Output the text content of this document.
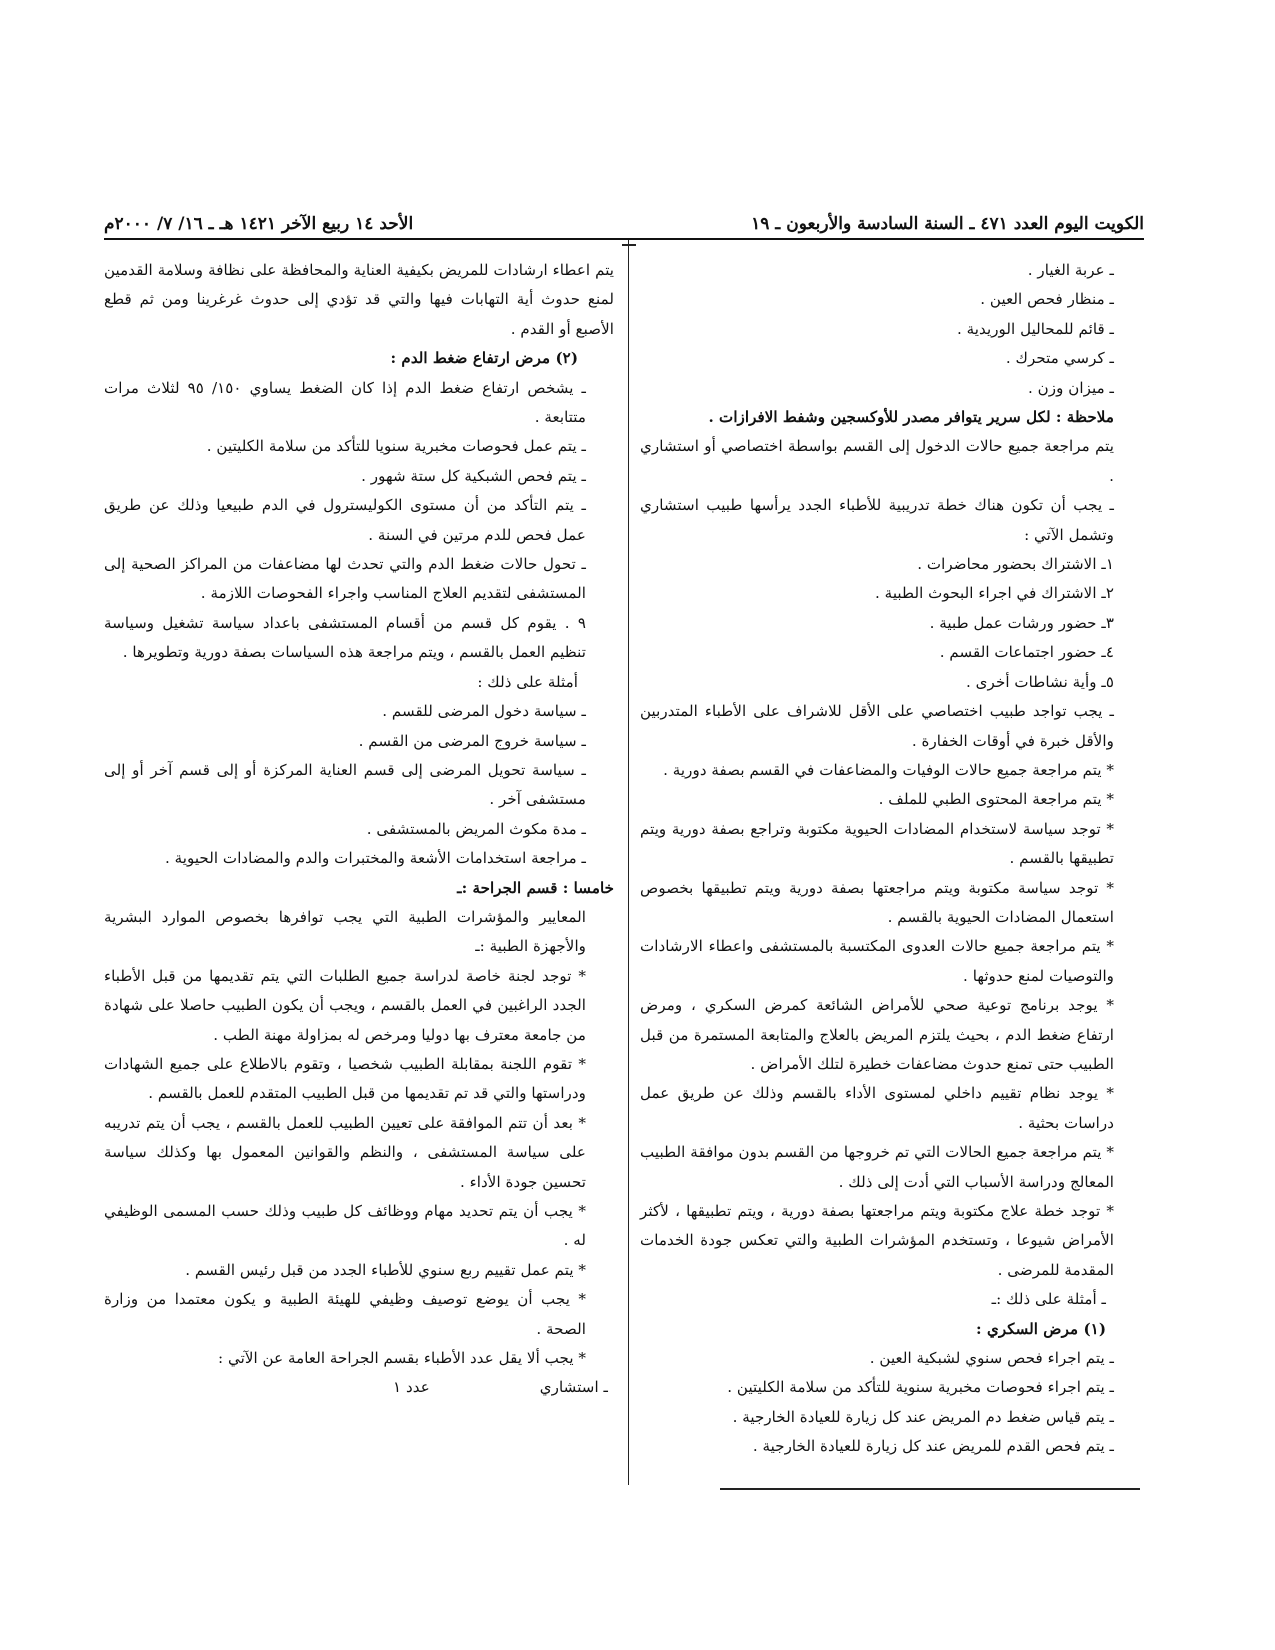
الكويت اليوم العدد ٤٧١ ـ السنة السادسة والأربعون ـ ١٩
الأحد ١٤ ربيع الآخر ١٤٢١ هـ ـ ١٦/ ٧/ ٢٠٠٠م

ـ عربة الغيار .

ـ منظار فحص العين .

ـ قائم للمحاليل الوريدية .

ـ كرسي متحرك .

ـ ميزان وزن .

ملاحظة : لكل سرير يتوافر مصدر للأوكسجين وشفط الافرازات .

يتم مراجعة جميع حالات الدخول إلى القسم بواسطة اختصاصي أو استشاري .

ـ يجب أن تكون هناك خطة تدريبية للأطباء الجدد يرأسها طبيب استشاري وتشمل الآتي :

١ـ الاشتراك بحضور محاضرات .

٢ـ الاشتراك في اجراء البحوث الطبية .

٣ـ حضور ورشات عمل طبية .

٤ـ حضور اجتماعات القسم .

٥ـ وأية نشاطات أخرى .

ـ يجب تواجد طبيب اختصاصي على الأقل للاشراف على الأطباء المتدربين والأقل خبرة في أوقات الخفارة .

* يتم مراجعة جميع حالات الوفيات والمضاعفات في القسم بصفة دورية .

* يتم مراجعة المحتوى الطبي للملف .

* توجد سياسة لاستخدام المضادات الحيوية مكتوبة وتراجع بصفة دورية ويتم تطبيقها بالقسم .

* توجد سياسة مكتوبة ويتم مراجعتها بصفة دورية ويتم تطبيقها بخصوص استعمال المضادات الحيوية بالقسم .

* يتم مراجعة جميع حالات العدوى المكتسبة بالمستشفى واعطاء الارشادات والتوصيات لمنع حدوثها .

* يوجد برنامج توعية صحي للأمراض الشائعة كمرض السكري ، ومرض ارتفاع ضغط الدم ، بحيث يلتزم المريض بالعلاج والمتابعة المستمرة من قبل الطبيب حتى تمنع حدوث مضاعفات خطيرة لتلك الأمراض .

* يوجد نظام تقييم داخلي لمستوى الأداء بالقسم وذلك عن طريق عمل دراسات بحثية .

* يتم مراجعة جميع الحالات التي تم خروجها من القسم بدون موافقة الطبيب المعالج ودراسة الأسباب التي أدت إلى ذلك .

* توجد خطة علاج مكتوبة ويتم مراجعتها بصفة دورية ، ويتم تطبيقها ، لأكثر الأمراض شيوعا ، وتستخدم المؤشرات الطبية والتي تعكس جودة الخدمات المقدمة للمرضى .

ـ أمثلة على ذلك :ـ

(١) مرض السكري :

ـ يتم اجراء فحص سنوي لشبكية العين .

ـ يتم اجراء فحوصات مخبرية سنوية للتأكد من سلامة الكليتين .

ـ يتم قياس ضغط دم المريض عند كل زيارة للعيادة الخارجية .

ـ يتم فحص القدم للمريض عند كل زيارة للعيادة الخارجية .

يتم اعطاء ارشادات للمريض بكيفية العناية والمحافظة على نظافة وسلامة القدمين لمنع حدوث أية التهابات فيها والتي قد تؤدي إلى حدوث غرغرينا ومن ثم قطع الأصبع أو القدم .

(٢) مرض ارتفاع ضغط الدم :

ـ يشخص ارتفاع ضغط الدم إذا كان الضغط يساوي ١٥٠/ ٩٥ لثلاث مرات متتابعة .

ـ يتم عمل فحوصات مخبرية سنويا للتأكد من سلامة الكليتين .

ـ يتم فحص الشبكية كل ستة شهور .

ـ يتم التأكد من أن مستوى الكوليسترول في الدم طبيعيا وذلك عن طريق عمل فحص للدم مرتين في السنة .

ـ تحول حالات ضغط الدم والتي تحدث لها مضاعفات من المراكز الصحية إلى المستشفى لتقديم العلاج المناسب واجراء الفحوصات اللازمة .

٩ . يقوم كل قسم من أقسام المستشفى باعداد سياسة تشغيل وسياسة تنظيم العمل بالقسم ، ويتم مراجعة هذه السياسات بصفة دورية وتطويرها .

أمثلة على ذلك :

ـ سياسة دخول المرضى للقسم .

ـ سياسة خروج المرضى من القسم .

ـ سياسة تحويل المرضى إلى قسم العناية المركزة أو إلى قسم آخر أو إلى مستشفى آخر .

ـ مدة مكوث المريض بالمستشفى .

ـ مراجعة استخدامات الأشعة والمختبرات والدم والمضادات الحيوية .

خامسا : قسم الجراحة :ـ

المعايير والمؤشرات الطبية التي يجب توافرها بخصوص الموارد البشرية والأجهزة الطبية :ـ

* توجد لجنة خاصة لدراسة جميع الطلبات التي يتم تقديمها من قبل الأطباء الجدد الراغبين في العمل بالقسم ، ويجب أن يكون الطبيب حاصلا على شهادة من جامعة معترف بها دوليا ومرخص له بمزاولة مهنة الطب .

* تقوم اللجنة بمقابلة الطبيب شخصيا ، وتقوم بالاطلاع على جميع الشهادات ودراستها والتي قد تم تقديمها من قبل الطبيب المتقدم للعمل بالقسم .

* بعد أن تتم الموافقة على تعيين الطبيب للعمل بالقسم ، يجب أن يتم تدريبه على سياسة المستشفى ، والنظم والقوانين المعمول بها وكذلك سياسة تحسين جودة الأداء .

* يجب أن يتم تحديد مهام ووظائف كل طبيب وذلك حسب المسمى الوظيفي له .

* يتم عمل تقييم ربع سنوي للأطباء الجدد من قبل رئيس القسم .

* يجب أن يوضع توصيف وظيفي للهيئة الطبية و يكون معتمدا من وزارة الصحة .

* يجب ألا يقل عدد الأطباء بقسم الجراحة العامة عن الآتي :

ـ استشاري
عدد ١
